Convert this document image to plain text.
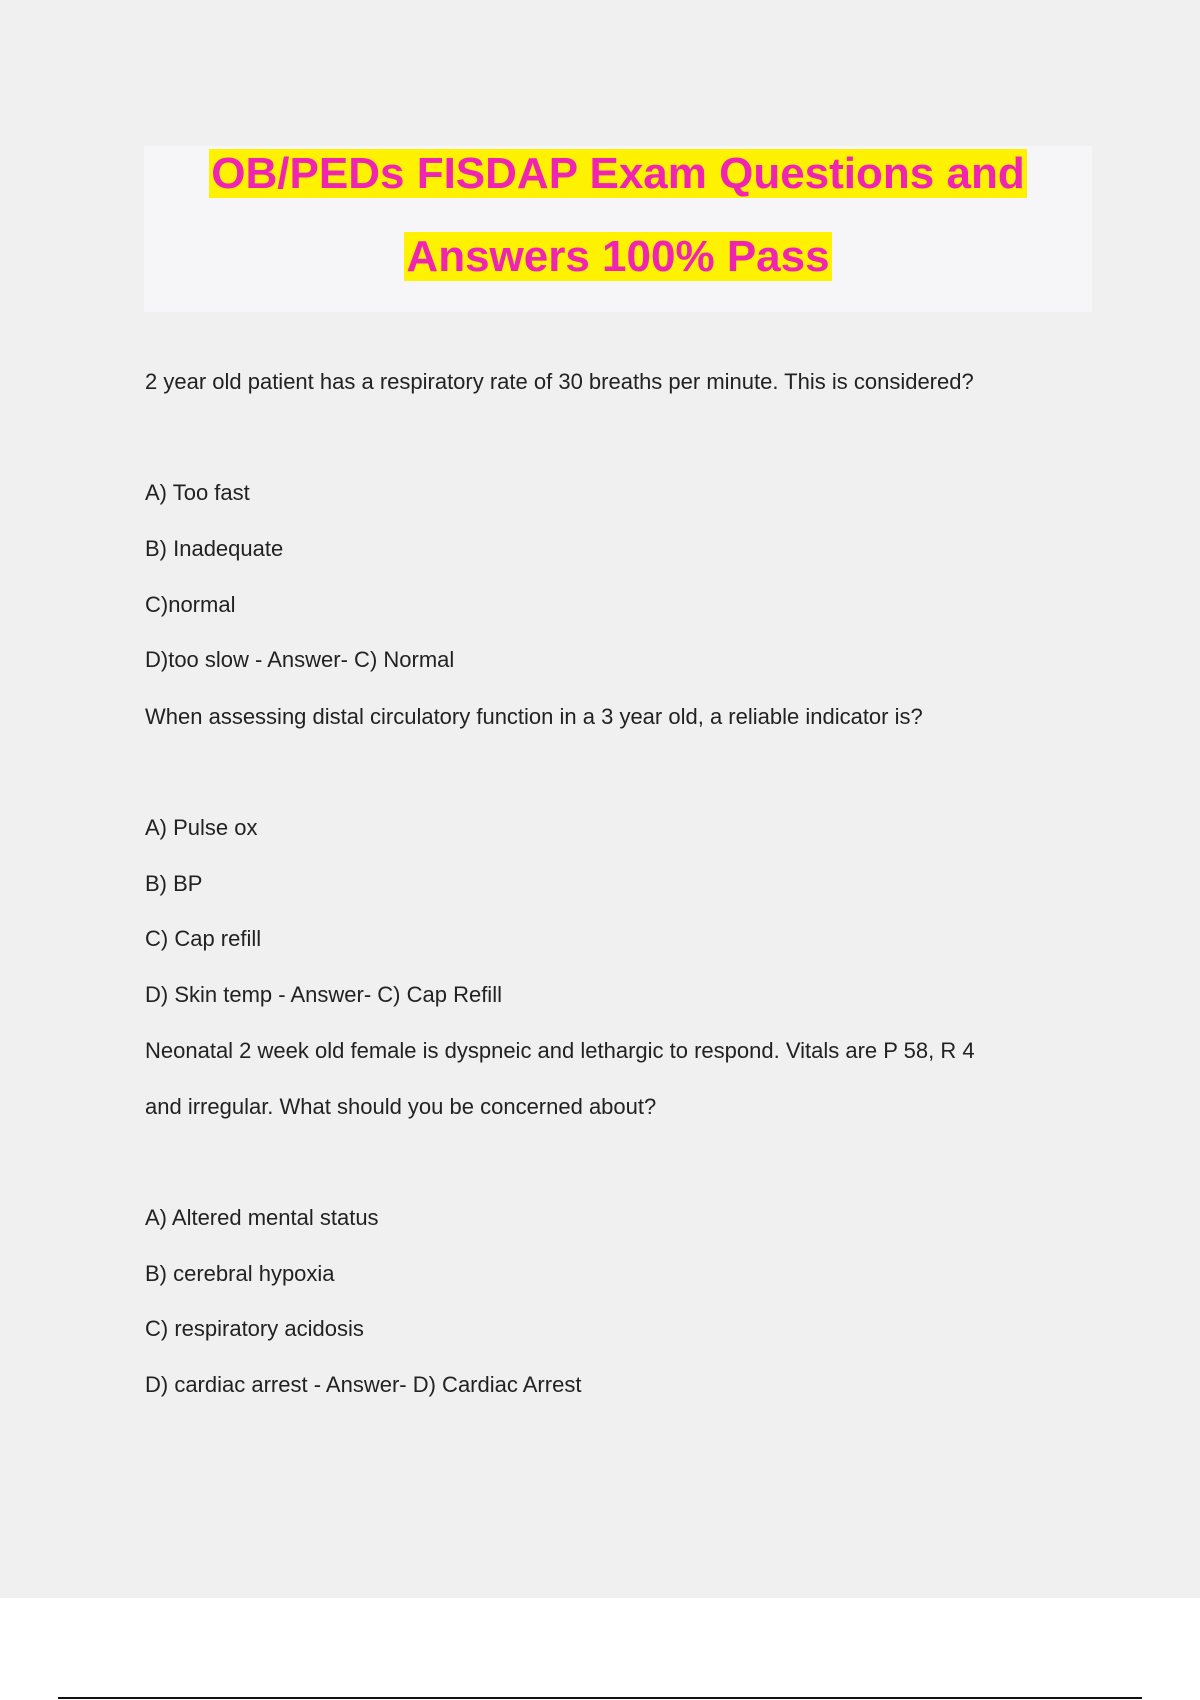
OB/PEDs FISDAP Exam Questions and
Answers 100% Pass
2 year old patient has a respiratory rate of 30 breaths per minute. This is considered?
A) Too fast
B) Inadequate
C)normal
D)too slow - Answer- C) Normal
When assessing distal circulatory function in a 3 year old, a reliable indicator is?
A) Pulse ox
B) BP
C) Cap refill
D) Skin temp - Answer- C) Cap Refill
Neonatal 2 week old female is dyspneic and lethargic to respond. Vitals are P 58, R 4
and irregular. What should you be concerned about?
A) Altered mental status
B) cerebral hypoxia
C) respiratory acidosis
D) cardiac arrest - Answer- D) Cardiac Arrest
